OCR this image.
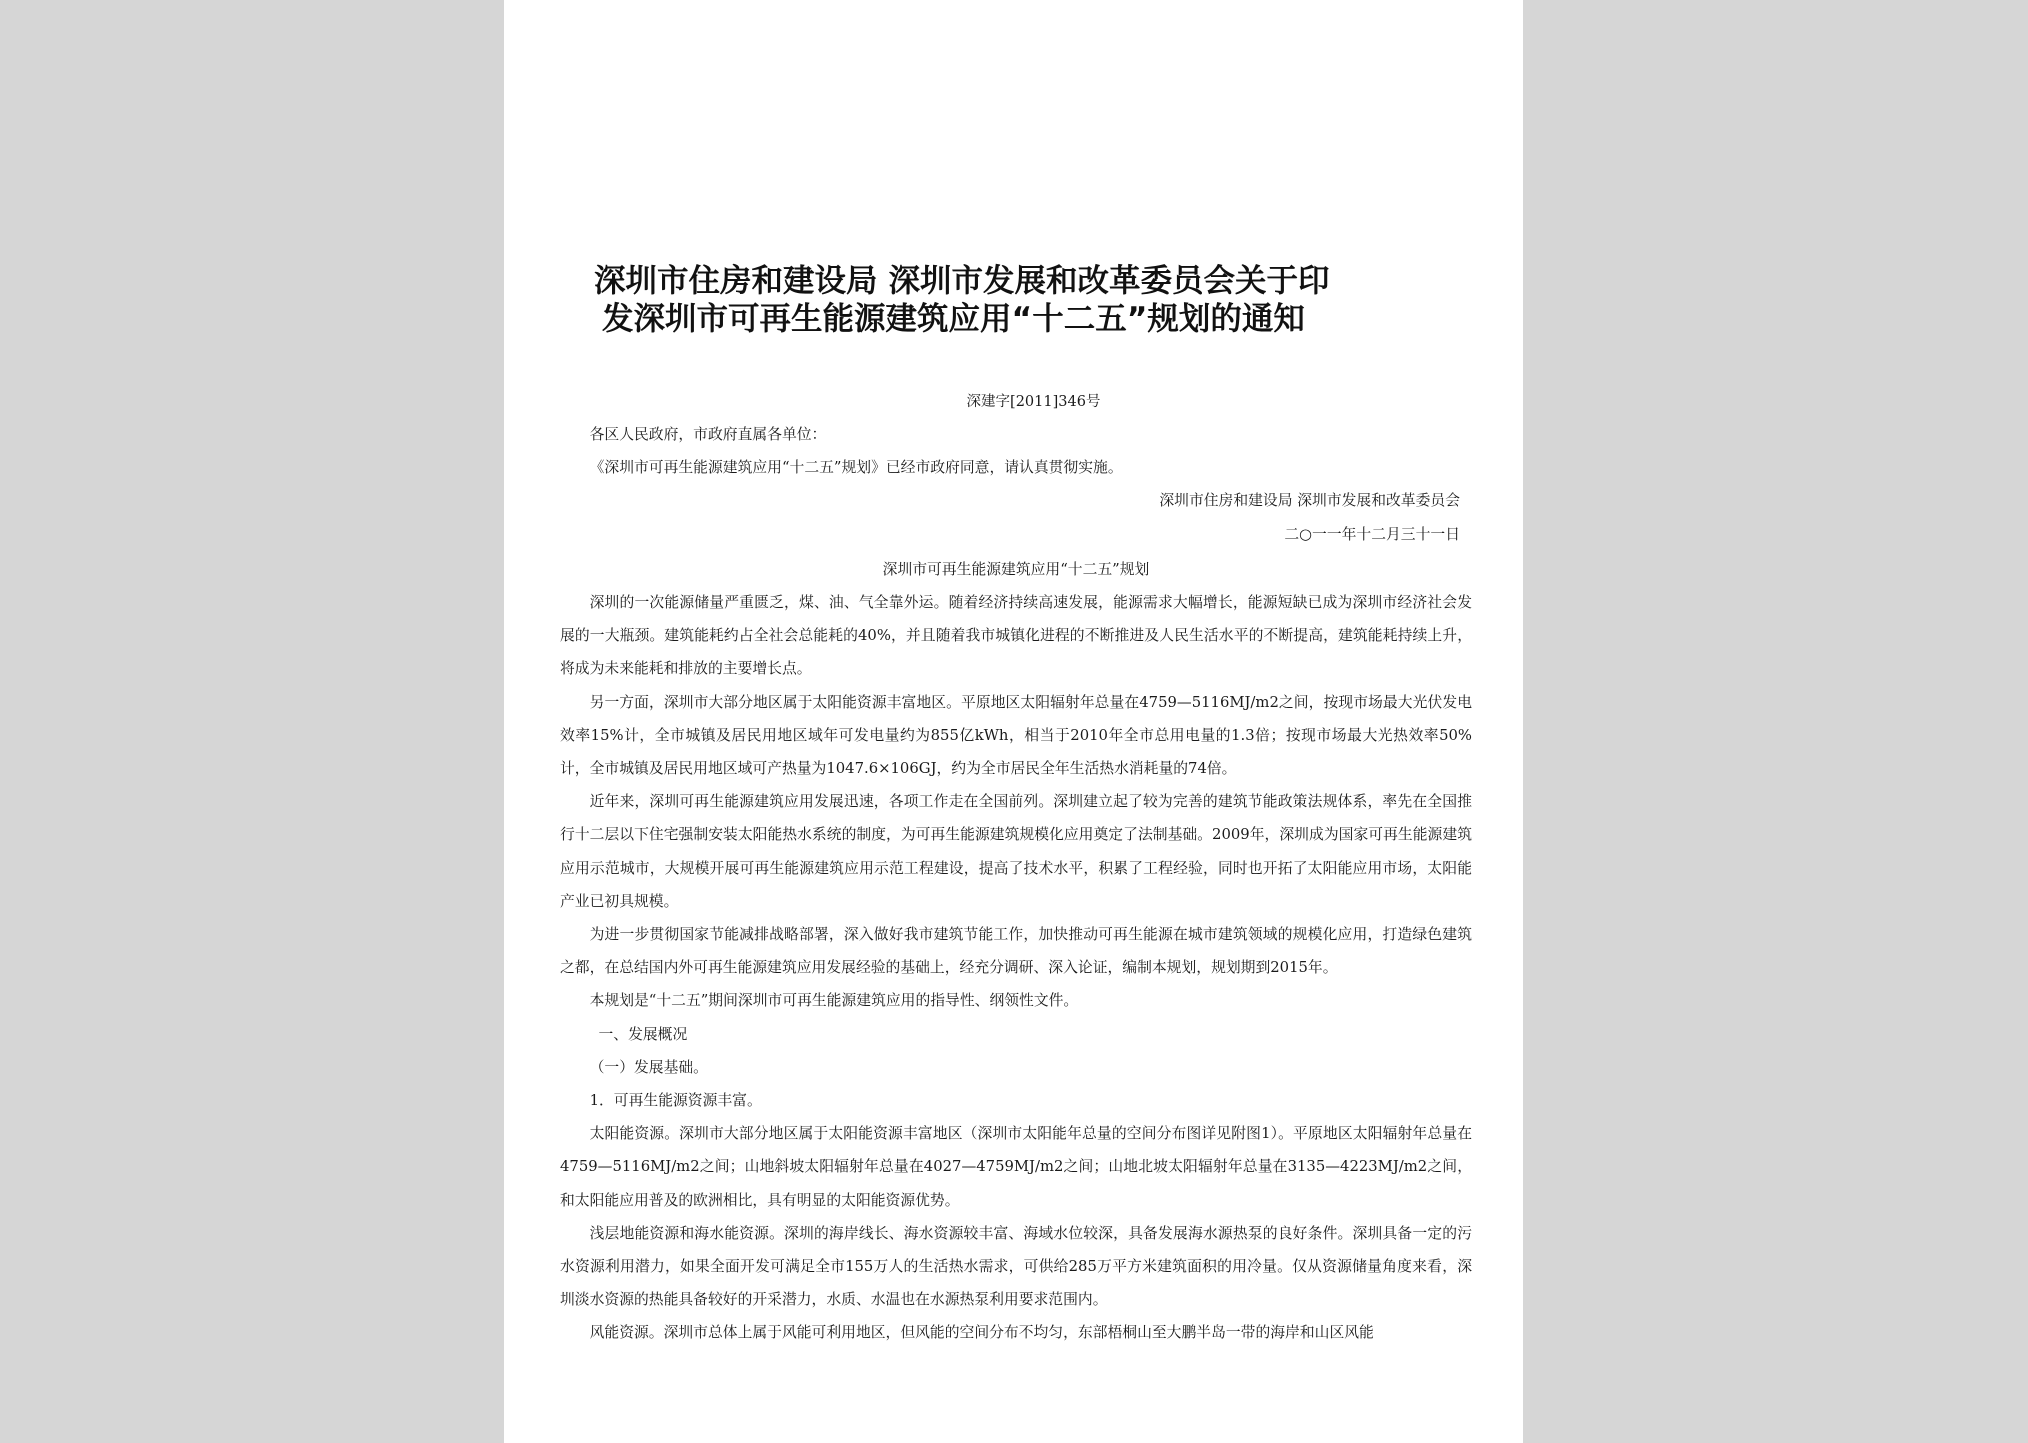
深圳市住房和建设局 深圳市发展和改革委员会关于印
发深圳市可再生能源建筑应用“十二五”规划的通知
深建字[2011]346号

各区人民政府，市政府直属各单位：

《深圳市可再生能源建筑应用“十二五”规划》已经市政府同意，请认真贯彻实施。

深圳市住房和建设局 深圳市发展和改革委员会

二○一一年十二月三十一日

深圳市可再生能源建筑应用“十二五”规划

深圳的一次能源储量严重匮乏，煤、油、气全靠外运。随着经济持续高速发展，能源需求大幅增长，能源短缺已成为深圳市经济社会发展的一大瓶颈。建筑能耗约占全社会总能耗的40%，并且随着我市城镇化进程的不断推进及人民生活水平的不断提高，建筑能耗持续上升，将成为未来能耗和排放的主要增长点。

另一方面，深圳市大部分地区属于太阳能资源丰富地区。平原地区太阳辐射年总量在4759—5116MJ/m2之间，按现市场最大光伏发电效率15%计，全市城镇及居民用地区域年可发电量约为855亿kWh，相当于2010年全市总用电量的1.3倍；按现市场最大光热效率50%计，全市城镇及居民用地区域可产热量为1047.6×106GJ，约为全市居民全年生活热水消耗量的74倍。

近年来，深圳可再生能源建筑应用发展迅速，各项工作走在全国前列。深圳建立起了较为完善的建筑节能政策法规体系，率先在全国推行十二层以下住宅强制安装太阳能热水系统的制度，为可再生能源建筑规模化应用奠定了法制基础。2009年，深圳成为国家可再生能源建筑应用示范城市，大规模开展可再生能源建筑应用示范工程建设，提高了技术水平，积累了工程经验，同时也开拓了太阳能应用市场，太阳能产业已初具规模。

为进一步贯彻国家节能减排战略部署，深入做好我市建筑节能工作，加快推动可再生能源在城市建筑领域的规模化应用，打造绿色建筑之都，在总结国内外可再生能源建筑应用发展经验的基础上，经充分调研、深入论证，编制本规划，规划期到2015年。

本规划是“十二五”期间深圳市可再生能源建筑应用的指导性、纲领性文件。

一、发展概况

（一）发展基础。

1．可再生能源资源丰富。

太阳能资源。深圳市大部分地区属于太阳能资源丰富地区（深圳市太阳能年总量的空间分布图详见附图1）。平原地区太阳辐射年总量在4759—5116MJ/m2之间；山地斜坡太阳辐射年总量在4027—4759MJ/m2之间；山地北坡太阳辐射年总量在3135—4223MJ/m2之间，和太阳能应用普及的欧洲相比，具有明显的太阳能资源优势。

浅层地能资源和海水能资源。深圳的海岸线长、海水资源较丰富、海域水位较深，具备发展海水源热泵的良好条件。深圳具备一定的污水资源利用潜力，如果全面开发可满足全市155万人的生活热水需求，可供给285万平方米建筑面积的用冷量。仅从资源储量角度来看，深圳淡水资源的热能具备较好的开采潜力，水质、水温也在水源热泵利用要求范围内。

风能资源。深圳市总体上属于风能可利用地区，但风能的空间分布不均匀，东部梧桐山至大鹏半岛一带的海岸和山区风能
